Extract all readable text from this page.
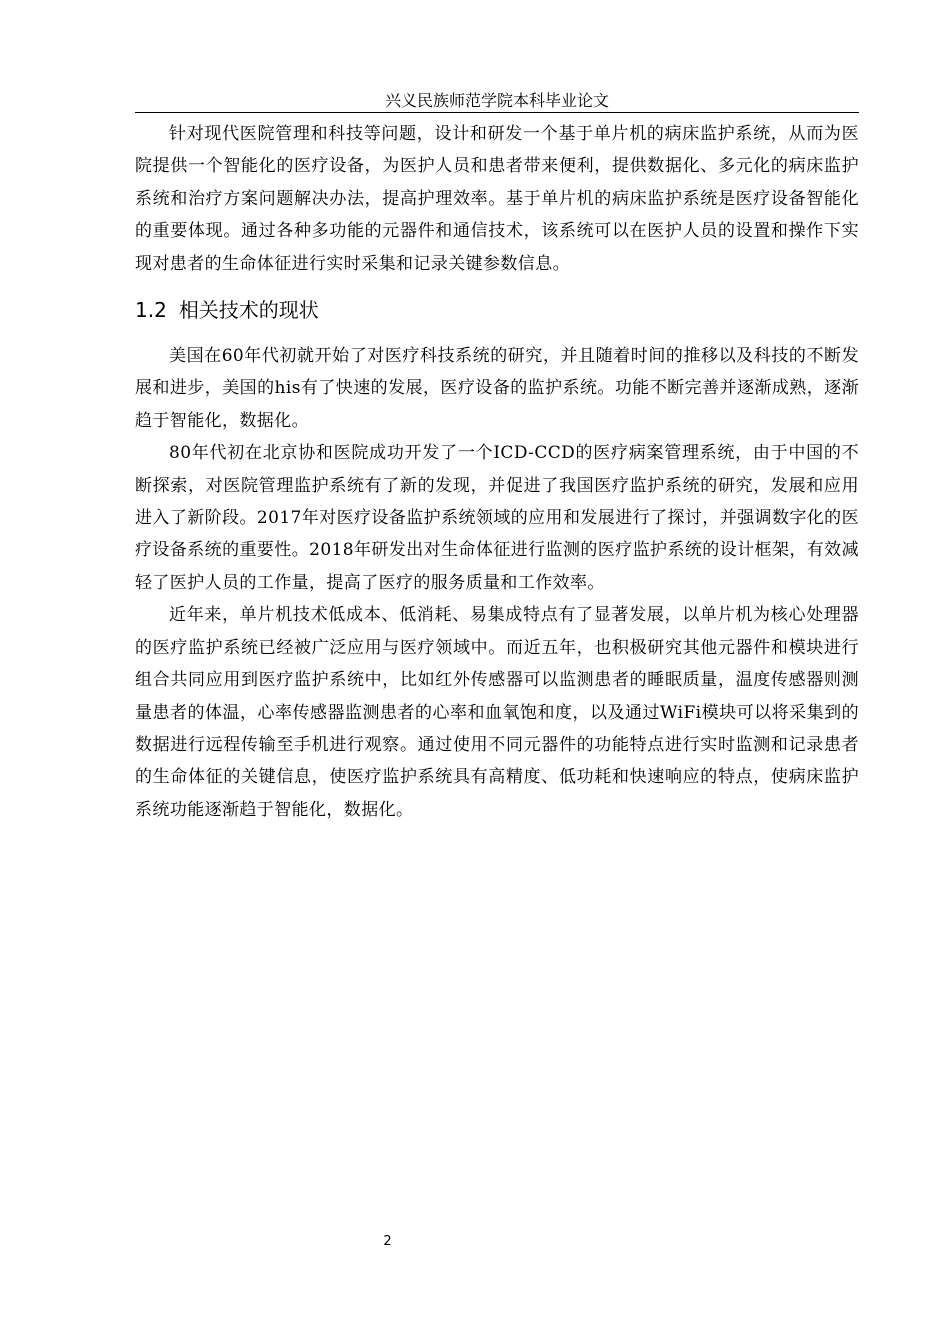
兴义民族师范学院本科毕业论文

针对现代医院管理和科技等问题，设计和研发一个基于单片机的病床监护系统，从而为医院提供一个智能化的医疗设备，为医护人员和患者带来便利，提供数据化、多元化的病床监护系统和治疗方案问题解决办法，提高护理效率。基于单片机的病床监护系统是医疗设备智能化的重要体现。通过各种多功能的元器件和通信技术，该系统可以在医护人员的设置和操作下实现对患者的生命体征进行实时采集和记录关键参数信息。

1.2 相关技术的现状

美国在60年代初就开始了对医疗科技系统的研究，并且随着时间的推移以及科技的不断发展和进步，美国的his有了快速的发展，医疗设备的监护系统。功能不断完善并逐渐成熟，逐渐趋于智能化，数据化。

80年代初在北京协和医院成功开发了一个ICD-CCD的医疗病案管理系统，由于中国的不断探索，对医院管理监护系统有了新的发现，并促进了我国医疗监护系统的研究，发展和应用进入了新阶段。2017年对医疗设备监护系统领域的应用和发展进行了探讨，并强调数字化的医疗设备系统的重要性。2018年研发出对生命体征进行监测的医疗监护系统的设计框架，有效减轻了医护人员的工作量，提高了医疗的服务质量和工作效率。

近年来，单片机技术低成本、低消耗、易集成特点有了显著发展，以单片机为核心处理器的医疗监护系统已经被广泛应用与医疗领域中。而近五年，也积极研究其他元器件和模块进行组合共同应用到医疗监护系统中，比如红外传感器可以监测患者的睡眠质量，温度传感器则测量患者的体温，心率传感器监测患者的心率和血氧饱和度，以及通过WiFi模块可以将采集到的数据进行远程传输至手机进行观察。通过使用不同元器件的功能特点进行实时监测和记录患者的生命体征的关键信息，使医疗监护系统具有高精度、低功耗和快速响应的特点，使病床监护系统功能逐渐趋于智能化，数据化。

2
